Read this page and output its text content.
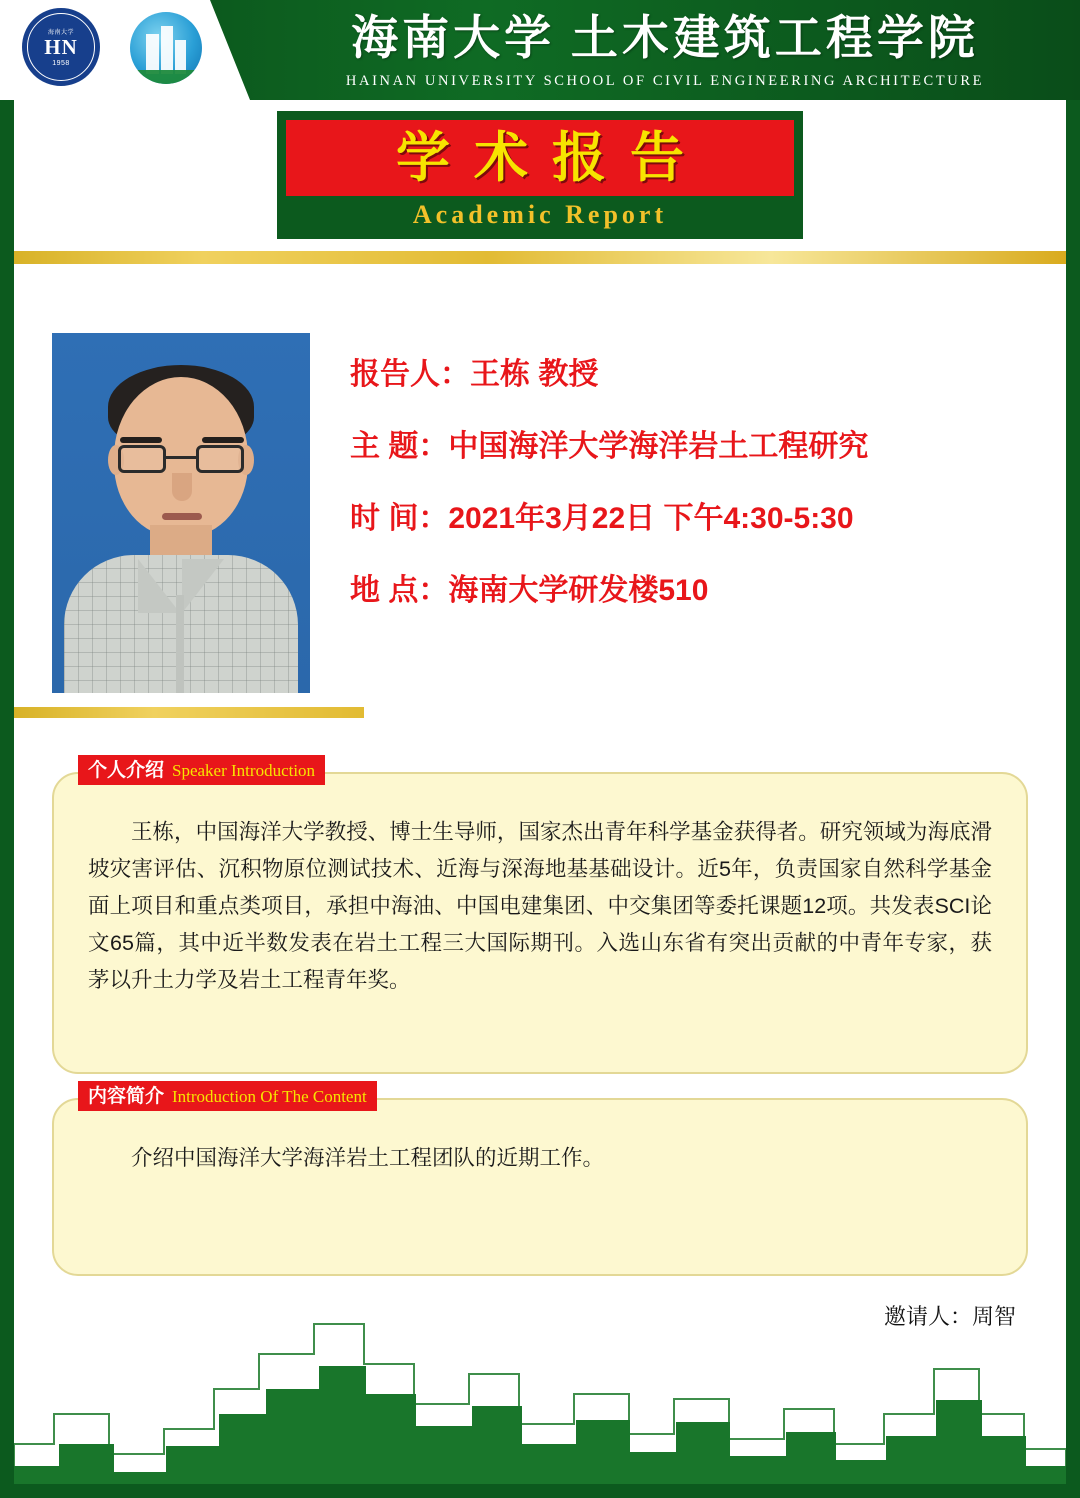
海南大学
HN
1958	海南大学 土木建筑工程学院
HAINAN UNIVERSITY SCHOOL OF CIVIL ENGINEERING ARCHITECTURE
学术报告
Academic Report
报告人：王栋 教授
主 题：中国海洋大学海洋岩土工程研究
时 间：2021年3月22日 下午4:30-5:30
地 点：海南大学研发楼510
个人介绍 Speaker Introduction
王栋，中国海洋大学教授、博士生导师，国家杰出青年科学基金获得者。研究领域为海底滑坡灾害评估、沉积物原位测试技术、近海与深海地基基础设计。近5年，负责国家自然科学基金面上项目和重点类项目，承担中海油、中国电建集团、中交集团等委托课题12项。共发表SCI论文65篇，其中近半数发表在岩土工程三大国际期刊。入选山东省有突出贡献的中青年专家，获茅以升土力学及岩土工程青年奖。
内容简介 Introduction Of The Content
介绍中国海洋大学海洋岩土工程团队的近期工作。
邀请人：周智
